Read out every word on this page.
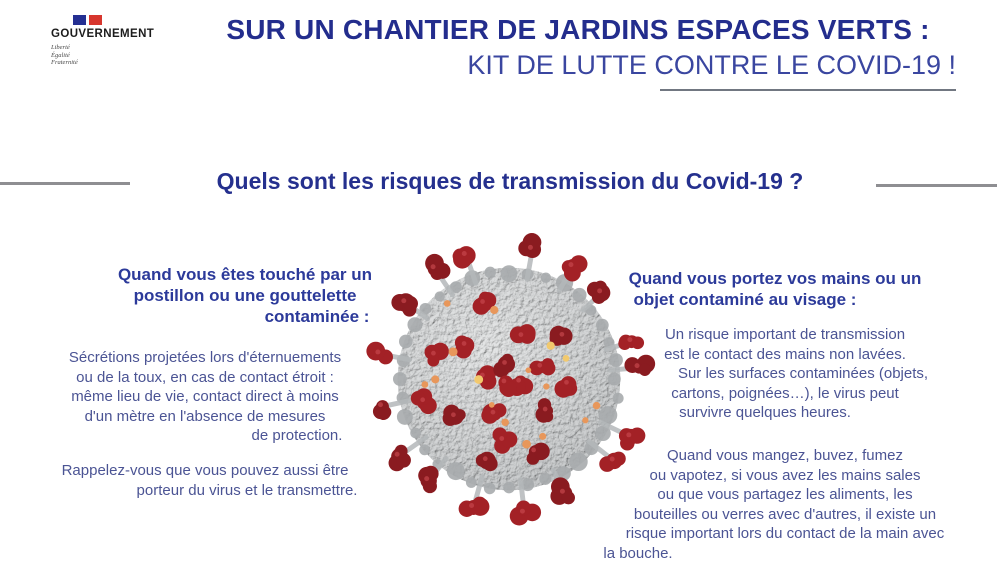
GOUVERNEMENT
Liberté
Égalité
Fraternité
SUR UN CHANTIER DE JARDINS ESPACES VERTS :
KIT DE LUTTE CONTRE LE COVID-19 !
Quels sont les risques de transmission du Covid-19 ?
Quand vous êtes touché par un
postillon ou une gouttelette
contaminée :
Sécrétions projetées lors d'éternuements
ou de la toux, en cas de contact étroit :
même lieu de vie, contact direct à moins
d'un mètre en l'absence de mesures
de protection.
Rappelez-vous que vous pouvez aussi être
porteur du virus et le transmettre.
Quand vous portez vos mains ou un
objet contaminé au visage :
Un risque important de transmission
est le contact des mains non lavées.
Sur les surfaces contaminées (objets,
cartons, poignées…), le virus peut
survivre quelques heures.
Quand vous mangez, buvez, fumez
ou vapotez, si vous avez les mains sales
ou que vous partagez les aliments, les
bouteilles ou verres avec d'autres, il existe un
risque important lors du contact de la main avec
la bouche.
